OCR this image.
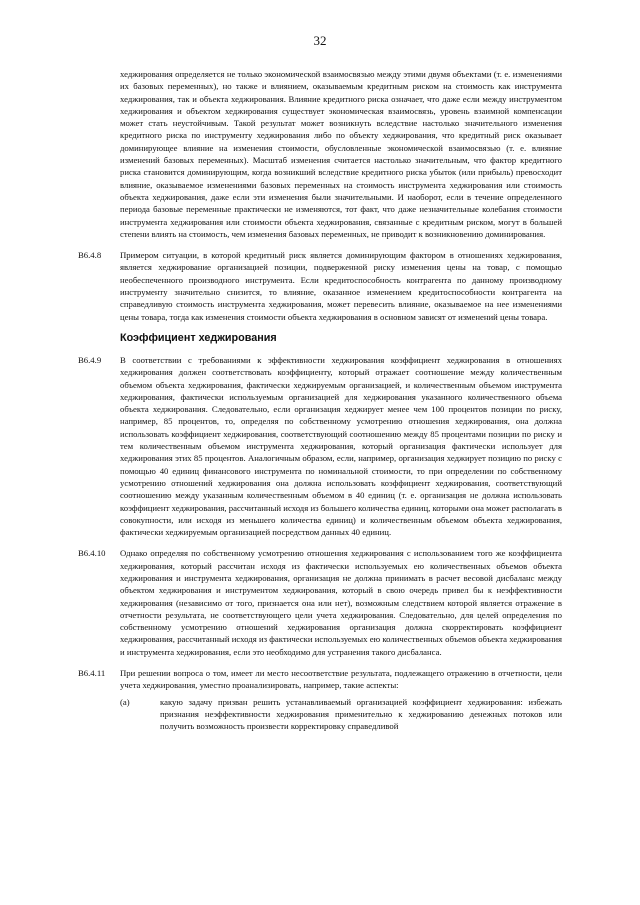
32
хеджирования определяется не только экономической взаимосвязью между этими двумя объектами (т. е. изменениями их базовых переменных), но также и влиянием, оказываемым кредитным риском на стоимость как инструмента хеджирования, так и объекта хеджирования. Влияние кредитного риска означает, что даже если между инструментом хеджирования и объектом хеджирования существует экономическая взаимосвязь, уровень взаимной компенсации может стать неустойчивым. Такой результат может возникнуть вследствие настолько значительного изменения кредитного риска по инструменту хеджирования либо по объекту хеджирования, что кредитный риск оказывает доминирующее влияние на изменения стоимости, обусловленные экономической взаимосвязью (т. е. влияние изменений базовых переменных). Масштаб изменения считается настолько значительным, что фактор кредитного риска становится доминирующим, когда возникший вследствие кредитного риска убыток (или прибыль) превосходит влияние, оказываемое изменениями базовых переменных на стоимость инструмента хеджирования или стоимость объекта хеджирования, даже если эти изменения были значительными. И наоборот, если в течение определенного периода базовые переменные практически не изменяются, тот факт, что даже незначительные колебания стоимости инструмента хеджирования или стоимости объекта хеджирования, связанные с кредитным риском, могут в большей степени влиять на стоимость, чем изменения базовых переменных, не приводит к возникновению доминирования.
B6.4.8 Примером ситуации, в которой кредитный риск является доминирующим фактором в отношениях хеджирования, является хеджирование организацией позиции, подверженной риску изменения цены на товар, с помощью необеспеченного производного инструмента. Если кредитоспособность контрагента по данному производному инструменту значительно снизится, то влияние, оказанное изменением кредитоспособности контрагента на справедливую стоимость инструмента хеджирования, может перевесить влияние, оказываемое на нее изменениями цены товара, тогда как изменения стоимости объекта хеджирования в основном зависят от изменений цены товара.
Коэффициент хеджирования
B6.4.9 В соответствии с требованиями к эффективности хеджирования коэффициент хеджирования в отношениях хеджирования должен соответствовать коэффициенту, который отражает соотношение между количественным объемом объекта хеджирования, фактически хеджируемым организацией, и количественным объемом инструмента хеджирования, фактически используемым организацией для хеджирования указанного количественного объема объекта хеджирования. Следовательно, если организация хеджирует менее чем 100 процентов позиции по риску, например, 85 процентов, то, определяя по собственному усмотрению отношения хеджирования, она должна использовать коэффициент хеджирования, соответствующий соотношению между 85 процентами позиции по риску и тем количественным объемом инструмента хеджирования, который организация фактически использует для хеджирования этих 85 процентов. Аналогичным образом, если, например, организация хеджирует позицию по риску с помощью 40 единиц финансового инструмента по номинальной стоимости, то при определении по собственному усмотрению отношений хеджирования она должна использовать коэффициент хеджирования, соответствующий соотношению между указанным количественным объемом в 40 единиц (т. е. организация не должна использовать коэффициент хеджирования, рассчитанный исходя из большего количества единиц, которыми она может располагать в совокупности, или исходя из меньшего количества единиц) и количественным объемом объекта хеджирования, фактически хеджируемым организацией посредством данных 40 единиц.
B6.4.10 Однако определяя по собственному усмотрению отношения хеджирования с использованием того же коэффициента хеджирования, который рассчитан исходя из фактически используемых ею количественных объемов объекта хеджирования и инструмента хеджирования, организация не должна принимать в расчет весовой дисбаланс между объектом хеджирования и инструментом хеджирования, который в свою очередь привел бы к неэффективности хеджирования (независимо от того, признается она или нет), возможным следствием которой является отражение в отчетности результата, не соответствующего цели учета хеджирования. Следовательно, для целей определения по собственному усмотрению отношений хеджирования организация должна скорректировать коэффициент хеджирования, рассчитанный исходя из фактически используемых ею количественных объемов объекта хеджирования и инструмента хеджирования, если это необходимо для устранения такого дисбаланса.
B6.4.11 При решении вопроса о том, имеет ли место несоответствие результата, подлежащего отражению в отчетности, цели учета хеджирования, уместно проанализировать, например, такие аспекты:
(a)	какую задачу призван решить устанавливаемый организацией коэффициент хеджирования: избежать признания неэффективности хеджирования применительно к хеджированию денежных потоков или получить возможность произвести корректировку справедливой
